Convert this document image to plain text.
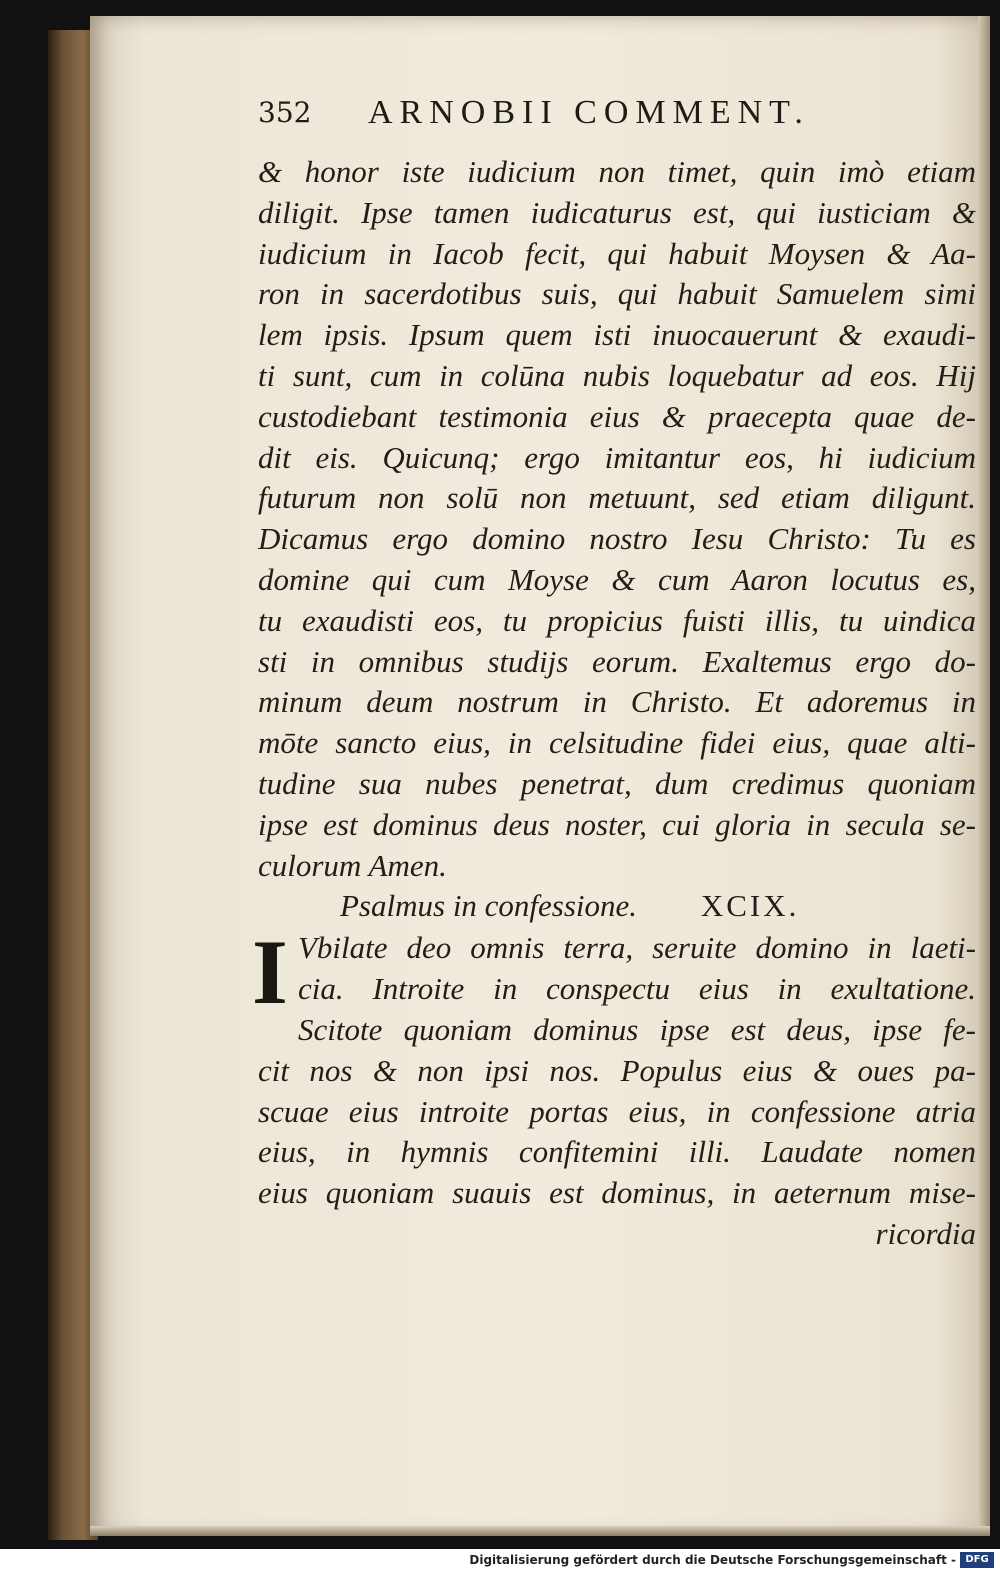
352 ARNOBII COMMENT.
& honor iste iudicium non timet, quin imò etiam
diligit. Ipse tamen iudicaturus est, qui iusticiam &
iudicium in Iacob fecit, qui habuit Moysen & Aa-
ron in sacerdotibus suis, qui habuit Samuelem simi
lem ipsis. Ipsum quem isti inuocauerunt & exaudi-
ti sunt, cum in colūna nubis loquebatur ad eos. Hij
custodiebant testimonia eius & praecepta quae de-
dit eis. Quicunq; ergo imitantur eos, hi iudicium
futurum non solū non metuunt, sed etiam diligunt.
Dicamus ergo domino nostro Iesu Christo: Tu es
domine qui cum Moyse & cum Aaron locutus es,
tu exaudisti eos, tu propicius fuisti illis, tu uindica
sti in omnibus studijs eorum. Exaltemus ergo do-
minum deum nostrum in Christo. Et adoremus in
mōte sancto eius, in celsitudine fidei eius, quae alti-
tudine sua nubes penetrat, dum credimus quoniam
ipse est dominus deus noster, cui gloria in secula se-
culorum Amen.
Psalmus in confessione. XCIX.
I Vbilate deo omnis terra, seruite domino in laeti-
cia. Introite in conspectu eius in exultatione.
Scitote quoniam dominus ipse est deus, ipse fe-
cit nos & non ipsi nos. Populus eius & oues pa-
scuae eius introite portas eius, in confessione atria
eius, in hymnis confitemini illi. Laudate nomen
eius quoniam suauis est dominus, in aeternum mise-
ricordia
Digitalisierung gefördert durch die Deutsche Forschungsgemeinschaft - DFG
